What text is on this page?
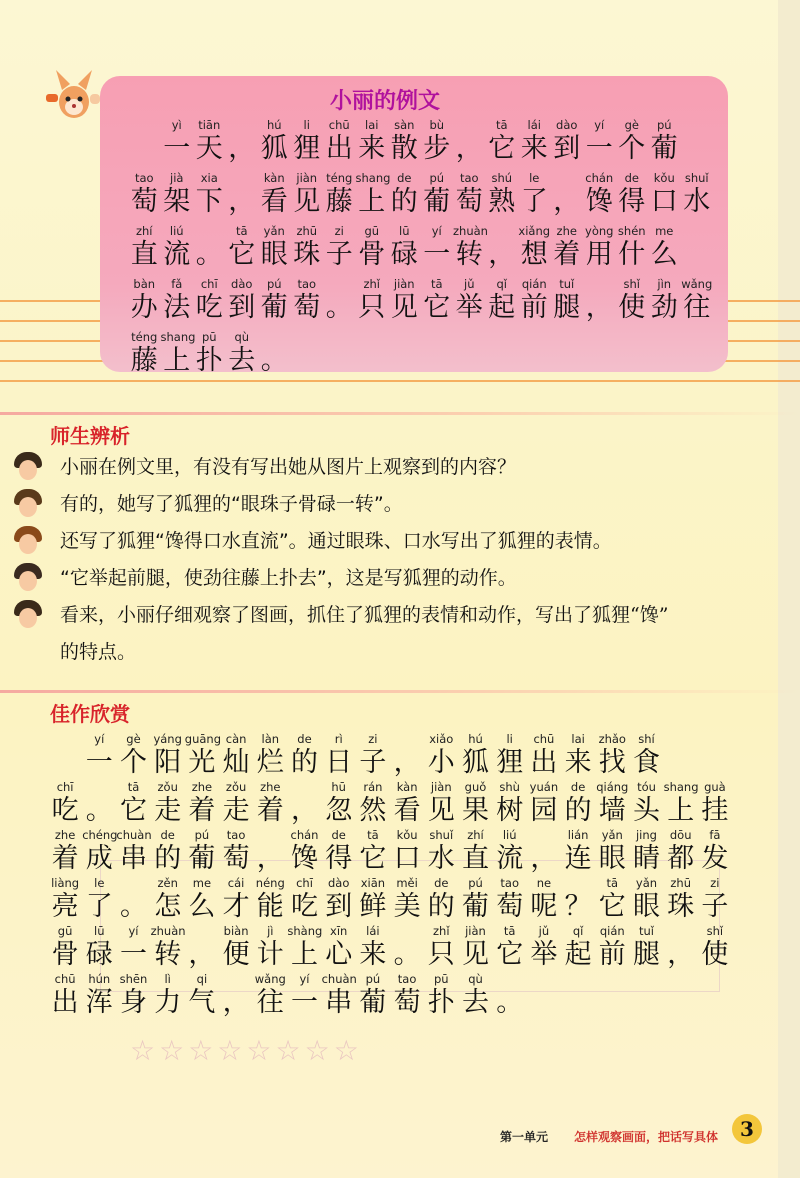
☆☆☆☆☆☆☆☆
小丽的例文

yì
一
tiān
天 ，
hú
狐
li
狸
chū
出
lai
来
sàn
散
bù
步 ，
tā
它
lái
来
dào
到
yí
一
gè
个
pú
葡
tao
萄
jià
架
xia
下 ，
kàn
看
jiàn
见
téng
藤
shang
上
de
的
pú
葡
tao
萄
shú
熟
le
了 ，
chán
馋
de
得
kǒu
口
shuǐ
水
zhí
直
liú
流 。
tā
它
yǎn
眼
zhū
珠
zi
子
gū
骨
lū
碌
yí
一
zhuàn
转 ，
xiǎng
想
zhe
着
yòng
用
shén
什
me
么
bàn
办
fǎ
法
chī
吃
dào
到
pú
葡
tao
萄 。
zhǐ
只
jiàn
见
tā
它
jǔ
举
qǐ
起
qián
前
tuǐ
腿 ，
shǐ
使
jìn
劲
wǎng
往
téng
藤
shang
上
pū
扑
qù
去 。
师生辨析
小丽在例文里，有没有写出她从图片上观察到的内容？
有的，她写了狐狸的“眼珠子骨碌一转”。
还写了狐狸“馋得口水直流”。通过眼珠、口水写出了狐狸的表情。
“它举起前腿，使劲往藤上扑去”，这是写狐狸的动作。
看来，小丽仔细观察了图画，抓住了狐狸的表情和动作，写出了狐狸“馋”
的特点。
佳作欣赏

yí
一
gè
个
yáng
阳
guāng
光
càn
灿
làn
烂
de
的
rì
日
zi
子 ，
xiǎo
小
hú
狐
li
狸
chū
出
lai
来
zhǎo
找
shí
食
chī
吃 。
tā
它
zǒu
走
zhe
着
zǒu
走
zhe
着 ，
hū
忽
rán
然
kàn
看
jiàn
见
guǒ
果
shù
树
yuán
园
de
的
qiáng
墙
tóu
头
shang
上
guà
挂
zhe
着
chéng
成
chuàn
串
de
的
pú
葡
tao
萄 ，
chán
馋
de
得
tā
它
kǒu
口
shuǐ
水
zhí
直
liú
流 ，
lián
连
yǎn
眼
jing
睛
dōu
都
fā
发
liàng
亮
le
了 。
zěn
怎
me
么
cái
才
néng
能
chī
吃
dào
到
xiān
鲜
měi
美
de
的
pú
葡
tao
萄
ne
呢 ？
tā
它
yǎn
眼
zhū
珠
zi
子
gū
骨
lū
碌
yí
一
zhuàn
转 ，
biàn
便
jì
计
shàng
上
xīn
心
lái
来 。
zhǐ
只
jiàn
见
tā
它
jǔ
举
qǐ
起
qián
前
tuǐ
腿 ，
shǐ
使
chū
出
hún
浑
shēn
身
lì
力
qi
气 ，
wǎng
往
yí
一
chuàn
串
pú
葡
tao
萄
pū
扑
qù
去 。
第一单元 怎样观察画面，把话写具体	3
